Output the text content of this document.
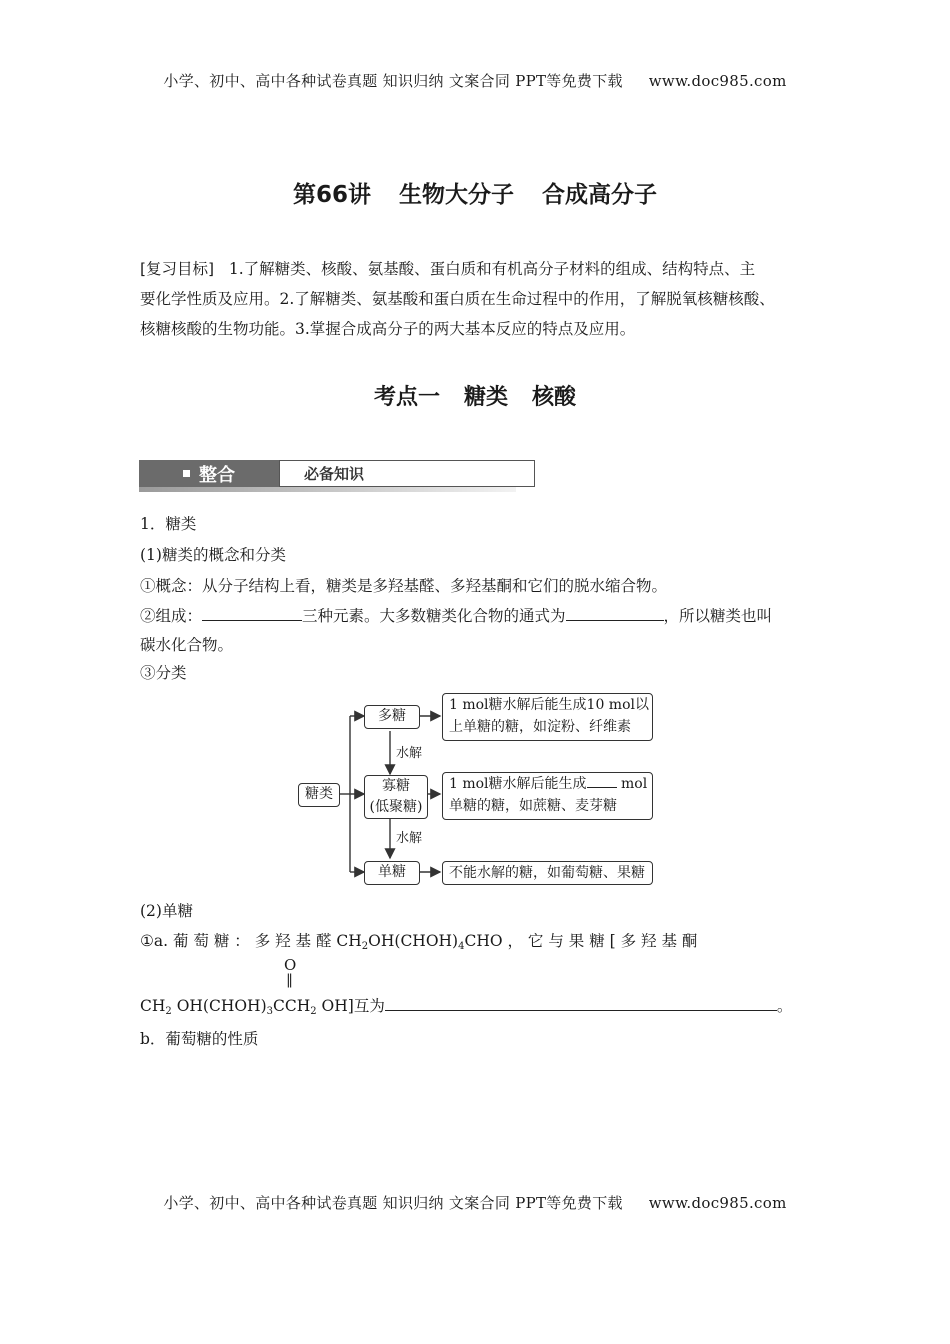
小学、初中、高中各种试卷真题 知识归纳 文案合同 PPT等免费下载 www.doc985.com
第66讲 生物大分子 合成高分子
[复习目标] 1.了解糖类、核酸、氨基酸、蛋白质和有机高分子材料的组成、结构特点、主
要化学性质及应用。2.了解糖类、氨基酸和蛋白质在生命过程中的作用，了解脱氧核糖核酸、
核糖核酸的生物功能。3.掌握合成高分子的两大基本反应的特点及应用。
考点一 糖类 核酸
整合	必备知识
1．糖类
(1)糖类的概念和分类
①概念：从分子结构上看，糖类是多羟基醛、多羟基酮和它们的脱水缩合物。
②组成：	三种元素。大多数糖类化合物的通式为	，所以糖类也叫
碳水化合物。
③分类
糖类
多糖
寡糖
(低聚糖)
单糖
水解
水解
1 mol糖水解后能生成10 mol以
上单糖的糖，如淀粉、纤维素
1 mol糖水解后能生成 mol
单糖的糖，如蔗糖、麦芽糖
不能水解的糖，如葡萄糖、果糖
(2)单糖
①a. 葡 萄 糖 ： 多 羟 基 醛 $CH_2OH(CHOH)_4CHO$ ， 它 与 果 糖 [ 多 羟 基 酮
O
‖
$CH_2$ $OH(CHOH)_3CCH_2$ OH]互为	。
b．葡萄糖的性质
小学、初中、高中各种试卷真题 知识归纳 文案合同 PPT等免费下载 www.doc985.com
